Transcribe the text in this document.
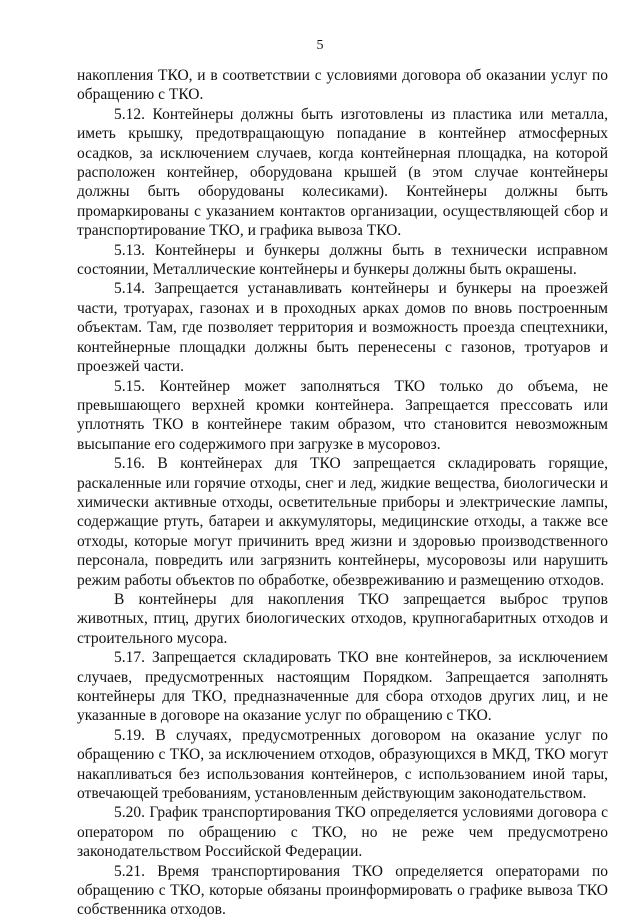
5

накопления ТКО, и в соответствии с условиями договора об оказании услуг по обращению с ТКО.

5.12. Контейнеры должны быть изготовлены из пластика или металла, иметь крышку, предотвращающую попадание в контейнер атмосферных осадков, за исключением случаев, когда контейнерная площадка, на которой расположен контейнер, оборудована крышей (в этом случае контейнеры должны быть оборудованы колесиками). Контейнеры должны быть промаркированы с указанием контактов организации, осуществляющей сбор и транспортирование ТКО, и графика вывоза ТКО.

5.13. Контейнеры и бункеры должны быть в технически исправном состоянии, Металлические контейнеры и бункеры должны быть окрашены.

5.14. Запрещается устанавливать контейнеры и бункеры на проезжей части, тротуарах, газонах и в проходных арках домов по вновь построенным объектам. Там, где позволяет территория и возможность проезда спецтехники, контейнерные площадки должны быть перенесены с газонов, тротуаров и проезжей части.

5.15. Контейнер может заполняться ТКО только до объема, не превышающего верхней кромки контейнера. Запрещается прессовать или уплотнять ТКО в контейнере таким образом, что становится невозможным высыпание его содержимого при загрузке в мусоровоз.

5.16. В контейнерах для ТКО запрещается складировать горящие, раскаленные или горячие отходы, снег и лед, жидкие вещества, биологически и химически активные отходы, осветительные приборы и электрические лампы, содержащие ртуть, батареи и аккумуляторы, медицинские отходы, а также все отходы, которые могут причинить вред жизни и здоровью производственного персонала, повредить или загрязнить контейнеры, мусоровозы или нарушить режим работы объектов по обработке, обезвреживанию и размещению отходов.

В контейнеры для накопления ТКО запрещается выброс трупов животных, птиц, других биологических отходов, крупногабаритных отходов и строительного мусора.

5.17. Запрещается складировать ТКО вне контейнеров, за исключением случаев, предусмотренных настоящим Порядком. Запрещается заполнять контейнеры для ТКО, предназначенные для сбора отходов других лиц, и не указанные в договоре на оказание услуг по обращению с ТКО.

5.19. В случаях, предусмотренных договором на оказание услуг по обращению с ТКО, за исключением отходов, образующихся в МКД, ТКО могут накапливаться без использования контейнеров, с использованием иной тары, отвечающей требованиям, установленным действующим законодательством.

5.20. График транспортирования ТКО определяется условиями договора с оператором по обращению с ТКО, но не реже чем предусмотрено законодательством Российской Федерации.

5.21. Время транспортирования ТКО определяется операторами по обращению с ТКО, которые обязаны проинформировать о графике вывоза ТКО собственника отходов.
